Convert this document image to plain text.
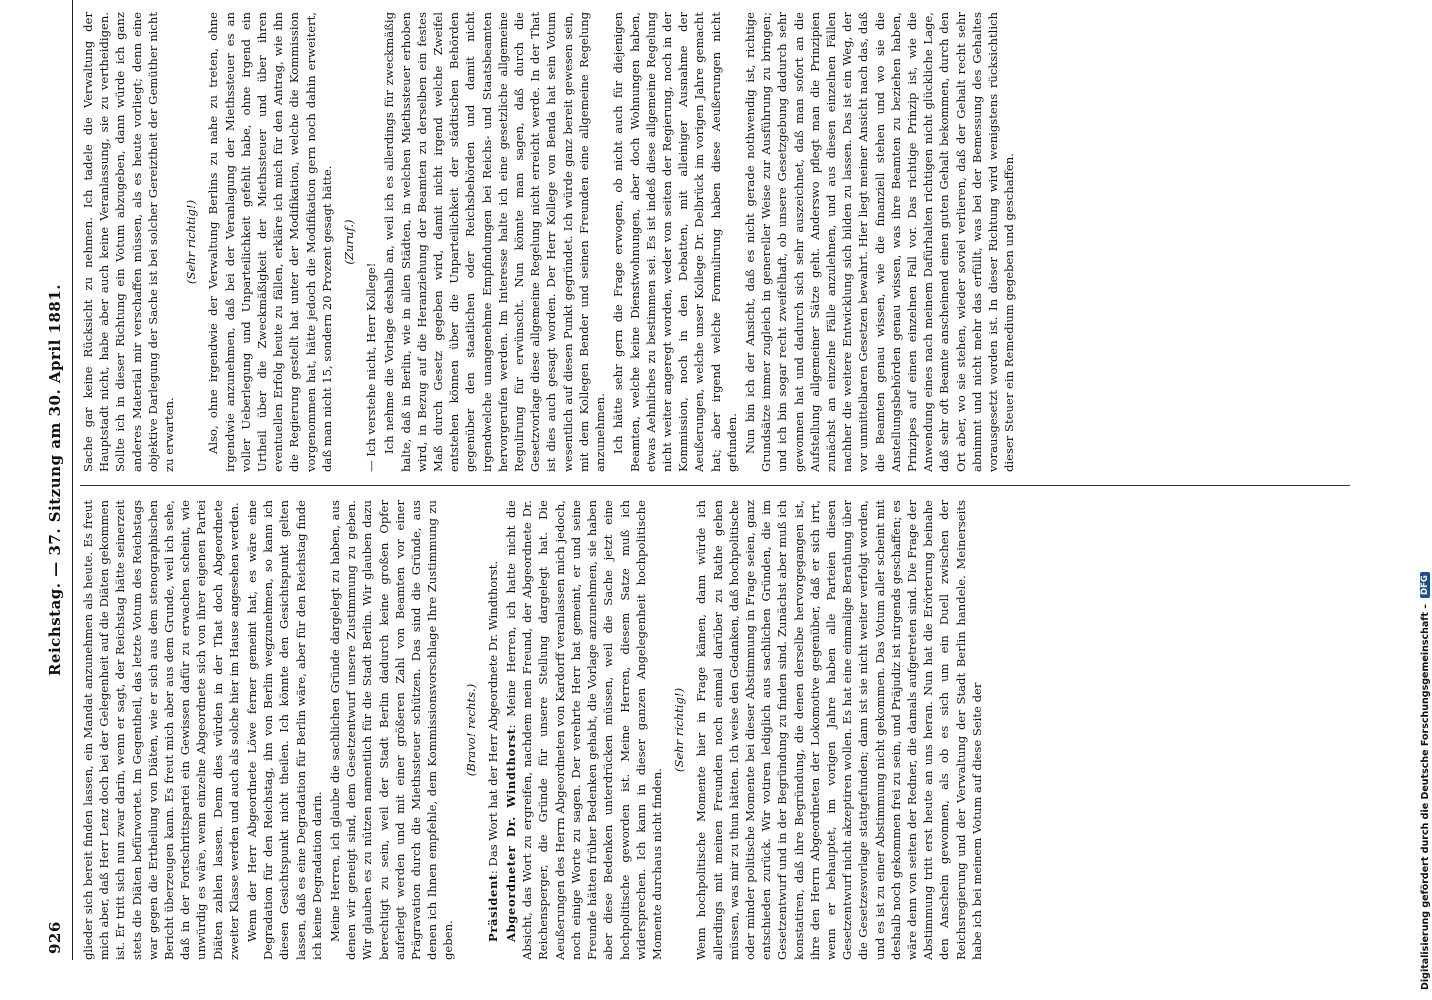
926
Reichstag. — 37. Sitzung am 30. April 1881.

glieder sich bereit finden lassen, ein Mandat anzunehmen als heute. Es freut mich aber, daß Herr Lenz doch bei der Gelegenheit auf die Diäten gekommen ist. Er tritt sich nun zwar darin, wenn er sagt, der Reichstag hätte seinerzeit stets die Diäten befürwortet. Im Gegentheil, das letzte Votum des Reichstags war gegen die Ertheilung von Diäten, wie er sich aus dem stenographischen Bericht überzeugen kann. Es freut mich aber aus dem Grunde, weil ich sehe, daß in der Fortschrittspartei ein Gewissen dafür zu erwachen scheint, wie unwürdig es wäre, wenn einzelne Abgeordnete sich von ihrer eigenen Partei Diäten zahlen lassen. Denn dies würden in der That doch Abgeordnete zweiter Klasse werden und auch als solche hier im Hause angesehen werden. Wenn der Herr Abgeordnete Löwe ferner gemeint hat, es wäre eine Degradation für den Reichstag, ihn von Berlin wegzunehmen, so kann ich diesen Gesichtspunkt nicht theilen. Ich könnte den Gesichtspunkt gelten lassen, daß es eine Degradation für Berlin wäre, aber für den Reichstag finde ich keine Degradation darin. Meine Herren, ich glaube die sachlichen Gründe dargelegt zu haben, aus denen wir geneigt sind, dem Gesetzentwurf unsere Zustimmung zu geben. Wir glauben es zu nützen namentlich für die Stadt Berlin. Wir glauben dazu berechtigt zu sein, weil der Stadt Berlin dadurch keine großen Opfer auferlegt werden und mit einer größeren Zahl von Beamten vor einer Prägravation durch die Miethssteuer schützen. Das sind die Gründe, aus denen ich Ihnen empfehle, dem Kommissionsvorschlage Ihre Zustimmung zu geben.

(Bravo! rechts.)

Präsident: Das Wort hat der Herr Abgeordnete Dr. Windthorst. Abgeordneter Dr. Windthorst: Meine Herren, ich hatte nicht die Absicht, das Wort zu ergreifen, nachdem mein Freund, der Abgeordnete Dr. Reichensperger, die Gründe für unsere Stellung dargelegt hat. Die Aeußerungen des Herrn Abgeordneten von Kardorff veranlassen mich jedoch, noch einige Worte zu sagen. Der verehrte Herr hat gemeint, er und seine Freunde hätten früher Bedenken gehabt, die Vorlage anzunehmen, sie haben aber diese Bedenken unterdrücken müssen, weil die Sache jetzt eine hochpolitische geworden ist. Meine Herren, diesem Satze muß ich widersprechen. Ich kann in dieser ganzen Angelegenheit hochpolitische Momente durchaus nicht finden.

(Sehr richtig!) Wenn hochpolitische Momente hier in Frage kämen, dann würde ich allerdings mit meinen Freunden noch einmal darüber zu Rathe gehen müssen, was mir zu thun hätten. Ich weise den Gedanken, daß hochpolitische oder minder politische Momente bei dieser Abstimmung in Frage seien, ganz entschieden zurück. Wir votiren lediglich aus sachlichen Gründen, die im Gesetzentwurf und in der Begründung zu finden sind. Zunächst aber muß ich konstatiren, daß ihre Begründung, die denen derselbe hervorgegangen ist, ihre den Herrn Abgeordneten der Lokomotive gegenüber, daß er sich irrt, wenn er behauptet, im vorigen Jahre haben alle Parteien diesen Gesetzentwurf nicht akzeptiren wollen. Es hat eine einmalige Berathung über die Gesetzesvorlage stattgefunden; dann ist sie nicht weiter verfolgt worden, und es ist zu einer Abstimmung nicht gekommen. Das Votum aller scheint mit deshalb noch gekommen frei zu sein, und Präjudiz ist nirgends geschaffen; es wäre denn von seiten der Redner, die damals aufgetreten sind. Die Frage der Abstimmung tritt erst heute an uns heran. Nun hat die Erörterung beinahe den Anschein gewonnen, als ob es sich um ein Duell zwischen der Reichsregierung und der Verwaltung der Stadt Berlin handele. Meinerseits habe ich bei meinem Votum auf diese Seite der

Sache gar keine Rücksicht zu nehmen. Ich tadele die Verwaltung der Hauptstadt nicht, habe aber auch keine Veranlassung, sie zu vertheidigen. Sollte ich in dieser Richtung ein Votum abzugeben, dann würde ich ganz anderes Material mir verschaffen müssen, als es heute vorliegt; denn eine objektive Darlegung der Sache ist bei solcher Gereiztheit der Gemüther nicht zu erwarten.

(Sehr richtig!) Also, ohne irgendwie der Verwaltung Berlins zu nahe zu treten, ohne irgendwie anzunehmen, daß bei der Veranlagung der Miethssteuer es an voller Ueberlegung und Unparteilichkeit gefehlt habe, ohne irgend ein Urtheil über die Zweckmäßigkeit der Miethssteuer und über ihren eventuellen Erfolg heute zu fällen, erkläre ich mich für den Antrag, wie ihn die Regierung gestellt hat unter der Modifikation, welche die Kommission vorgenommen hat, hätte jedoch die Modifikation gern noch dahin erweitert, daß man nicht 15, sondern 20 Prozent gesagt hätte. (Zuruf.)

— Ich verstehe nicht, Herr Kollege! Ich nehme die Vorlage deshalb an, weil ich es allerdings für zweckmäßig halte, daß in Berlin, wie in allen Städten, in welchen Miethssteuer erhoben wird, in Bezug auf die Heranziehung der Beamten zu derselben ein festes Maß durch Gesetz gegeben wird, damit nicht irgend welche Zweifel entstehen können über die Unparteilichkeit der städtischen Behörden gegenüber den staatlichen oder Reichsbehörden und damit nicht irgendwelche unangenehme Empfindungen bei Reichs- und Staatsbeamten hervorgerufen werden. Im Interesse halte ich eine gesetzliche allgemeine Regulirung für erwünscht. Nun könnte man sagen, daß durch die Gesetzvorlage diese allgemeine Regelung nicht erreicht werde. In der That ist dies auch gesagt worden. Der Herr Kollege von Benda hat sein Votum wesentlich auf diesen Punkt gegründet. Ich würde ganz bereit gewesen sein, mit dem Kollegen Bender und seinen Freunden eine allgemeine Regelung anzunehmen. Ich hätte sehr gern die Frage erwogen, ob nicht auch für diejenigen Beamten, welche keine Dienstwohnungen, aber doch Wohnungen haben, etwas Aehnliches zu bestimmen sei. Es ist indeß diese allgemeine Regelung nicht weiter angeregt worden, weder von seiten der Regierung, noch in der Kommission, noch in den Debatten, mit alleiniger Ausnahme der Aeußerungen, welche unser Kollege Dr. Delbrück im vorigen Jahre gemacht hat; aber irgend welche Formulirung haben diese Aeußerungen nicht gefunden. Nun bin ich der Ansicht, daß es nicht gerade nothwendig ist, richtige Grundsätze immer zugleich in genereller Weise zur Ausführung zu bringen; und ich bin sogar recht zweifelhaft, ob unsere Gesetzgebung dadurch sehr gewonnen hat und dadurch sich sehr auszeichnet, daß man sofort an die Aufstellung allgemeiner Sätze geht. Anderswo pflegt man die Prinzipien zunächst an einzelne Fälle anzulehnen, und aus diesen einzelnen Fällen nachher die weitere Entwicklung sich bilden zu lassen. Das ist ein Weg, der vor unmittelbaren Gesetzen bewahrt. Hier liegt meiner Ansicht nach das, daß die Beamten genau wissen, wie die finanziell stehen und wo sie die Anstellungsbehörden genau wissen, was ihre Beamten zu beziehen haben, Prinzipes auf einen einzelnen Fall vor. Das richtige Prinzip ist, wie die Anwendung eines nach meinem Dafürhalten richtigen nicht glückliche Lage, daß sehr oft Beamte anscheinend einen guten Gehalt bekommen, durch den Ort aber, wo sie stehen, wieder soviel verlieren, daß der Gehalt recht sehr abnimmt und nicht mehr das erfüllt, was bei der Bemessung des Gehaltes vorausgesetzt worden ist. In dieser Richtung wird wenigstens rücksichtlich dieser Steuer ein Remedium gegeben und geschaffen.

Digitalisierung gefördert durch die Deutsche Forschungsgemeinschaft –
DFG
